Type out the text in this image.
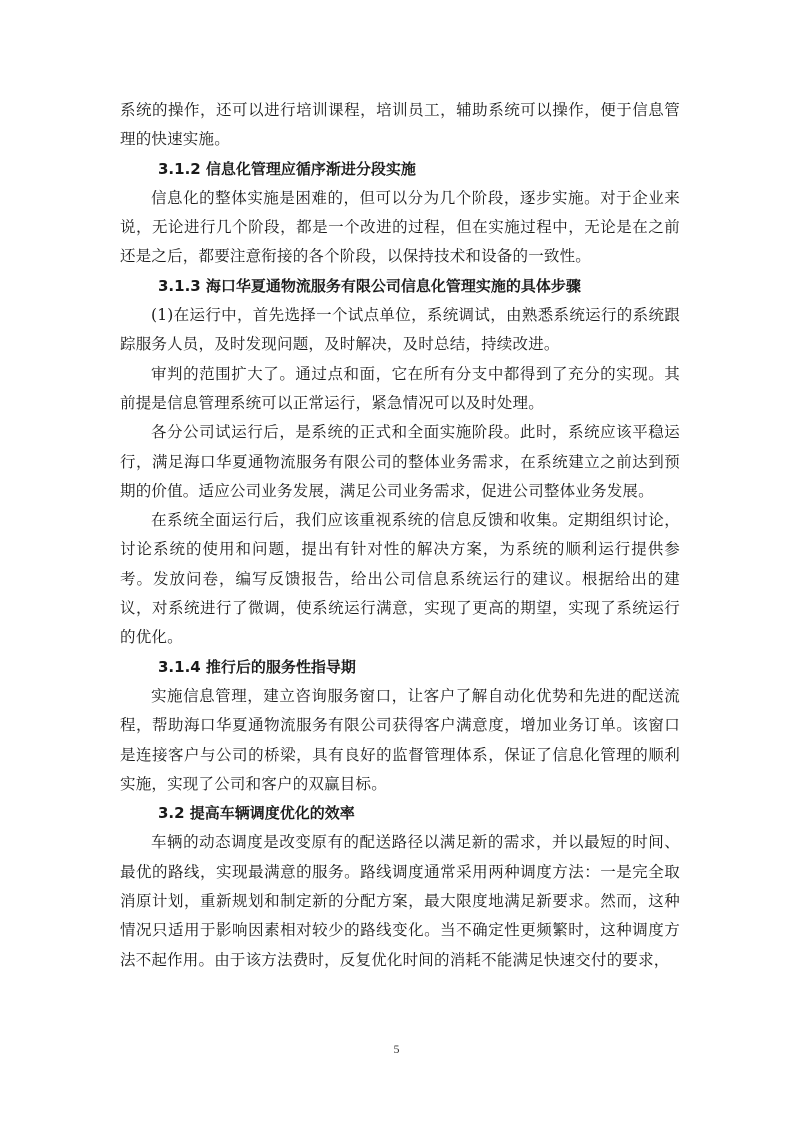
系统的操作，还可以进行培训课程，培训员工，辅助系统可以操作，便于信息管理的快速实施。

3.1.2 信息化管理应循序渐进分段实施

信息化的整体实施是困难的，但可以分为几个阶段，逐步实施。对于企业来说，无论进行几个阶段，都是一个改进的过程，但在实施过程中，无论是在之前还是之后，都要注意衔接的各个阶段，以保持技术和设备的一致性。

3.1.3 海口华夏通物流服务有限公司信息化管理实施的具体步骤

(1)在运行中，首先选择一个试点单位，系统调试，由熟悉系统运行的系统跟踪服务人员，及时发现问题，及时解决，及时总结，持续改进。

审判的范围扩大了。通过点和面，它在所有分支中都得到了充分的实现。其前提是信息管理系统可以正常运行，紧急情况可以及时处理。

各分公司试运行后，是系统的正式和全面实施阶段。此时，系统应该平稳运行，满足海口华夏通物流服务有限公司的整体业务需求，在系统建立之前达到预期的价值。适应公司业务发展，满足公司业务需求，促进公司整体业务发展。

在系统全面运行后，我们应该重视系统的信息反馈和收集。定期组织讨论，讨论系统的使用和问题，提出有针对性的解决方案，为系统的顺利运行提供参考。发放问卷，编写反馈报告，给出公司信息系统运行的建议。根据给出的建议，对系统进行了微调，使系统运行满意，实现了更高的期望，实现了系统运行的优化。

3.1.4 推行后的服务性指导期

实施信息管理，建立咨询服务窗口，让客户了解自动化优势和先进的配送流程，帮助海口华夏通物流服务有限公司获得客户满意度，增加业务订单。该窗口是连接客户与公司的桥梁，具有良好的监督管理体系，保证了信息化管理的顺利实施，实现了公司和客户的双赢目标。

3.2 提高车辆调度优化的效率

车辆的动态调度是改变原有的配送路径以满足新的需求，并以最短的时间、最优的路线，实现最满意的服务。路线调度通常采用两种调度方法：一是完全取消原计划，重新规划和制定新的分配方案，最大限度地满足新要求。然而，这种情况只适用于影响因素相对较少的路线变化。当不确定性更频繁时，这种调度方法不起作用。由于该方法费时，反复优化时间的消耗不能满足快速交付的要求，

5
